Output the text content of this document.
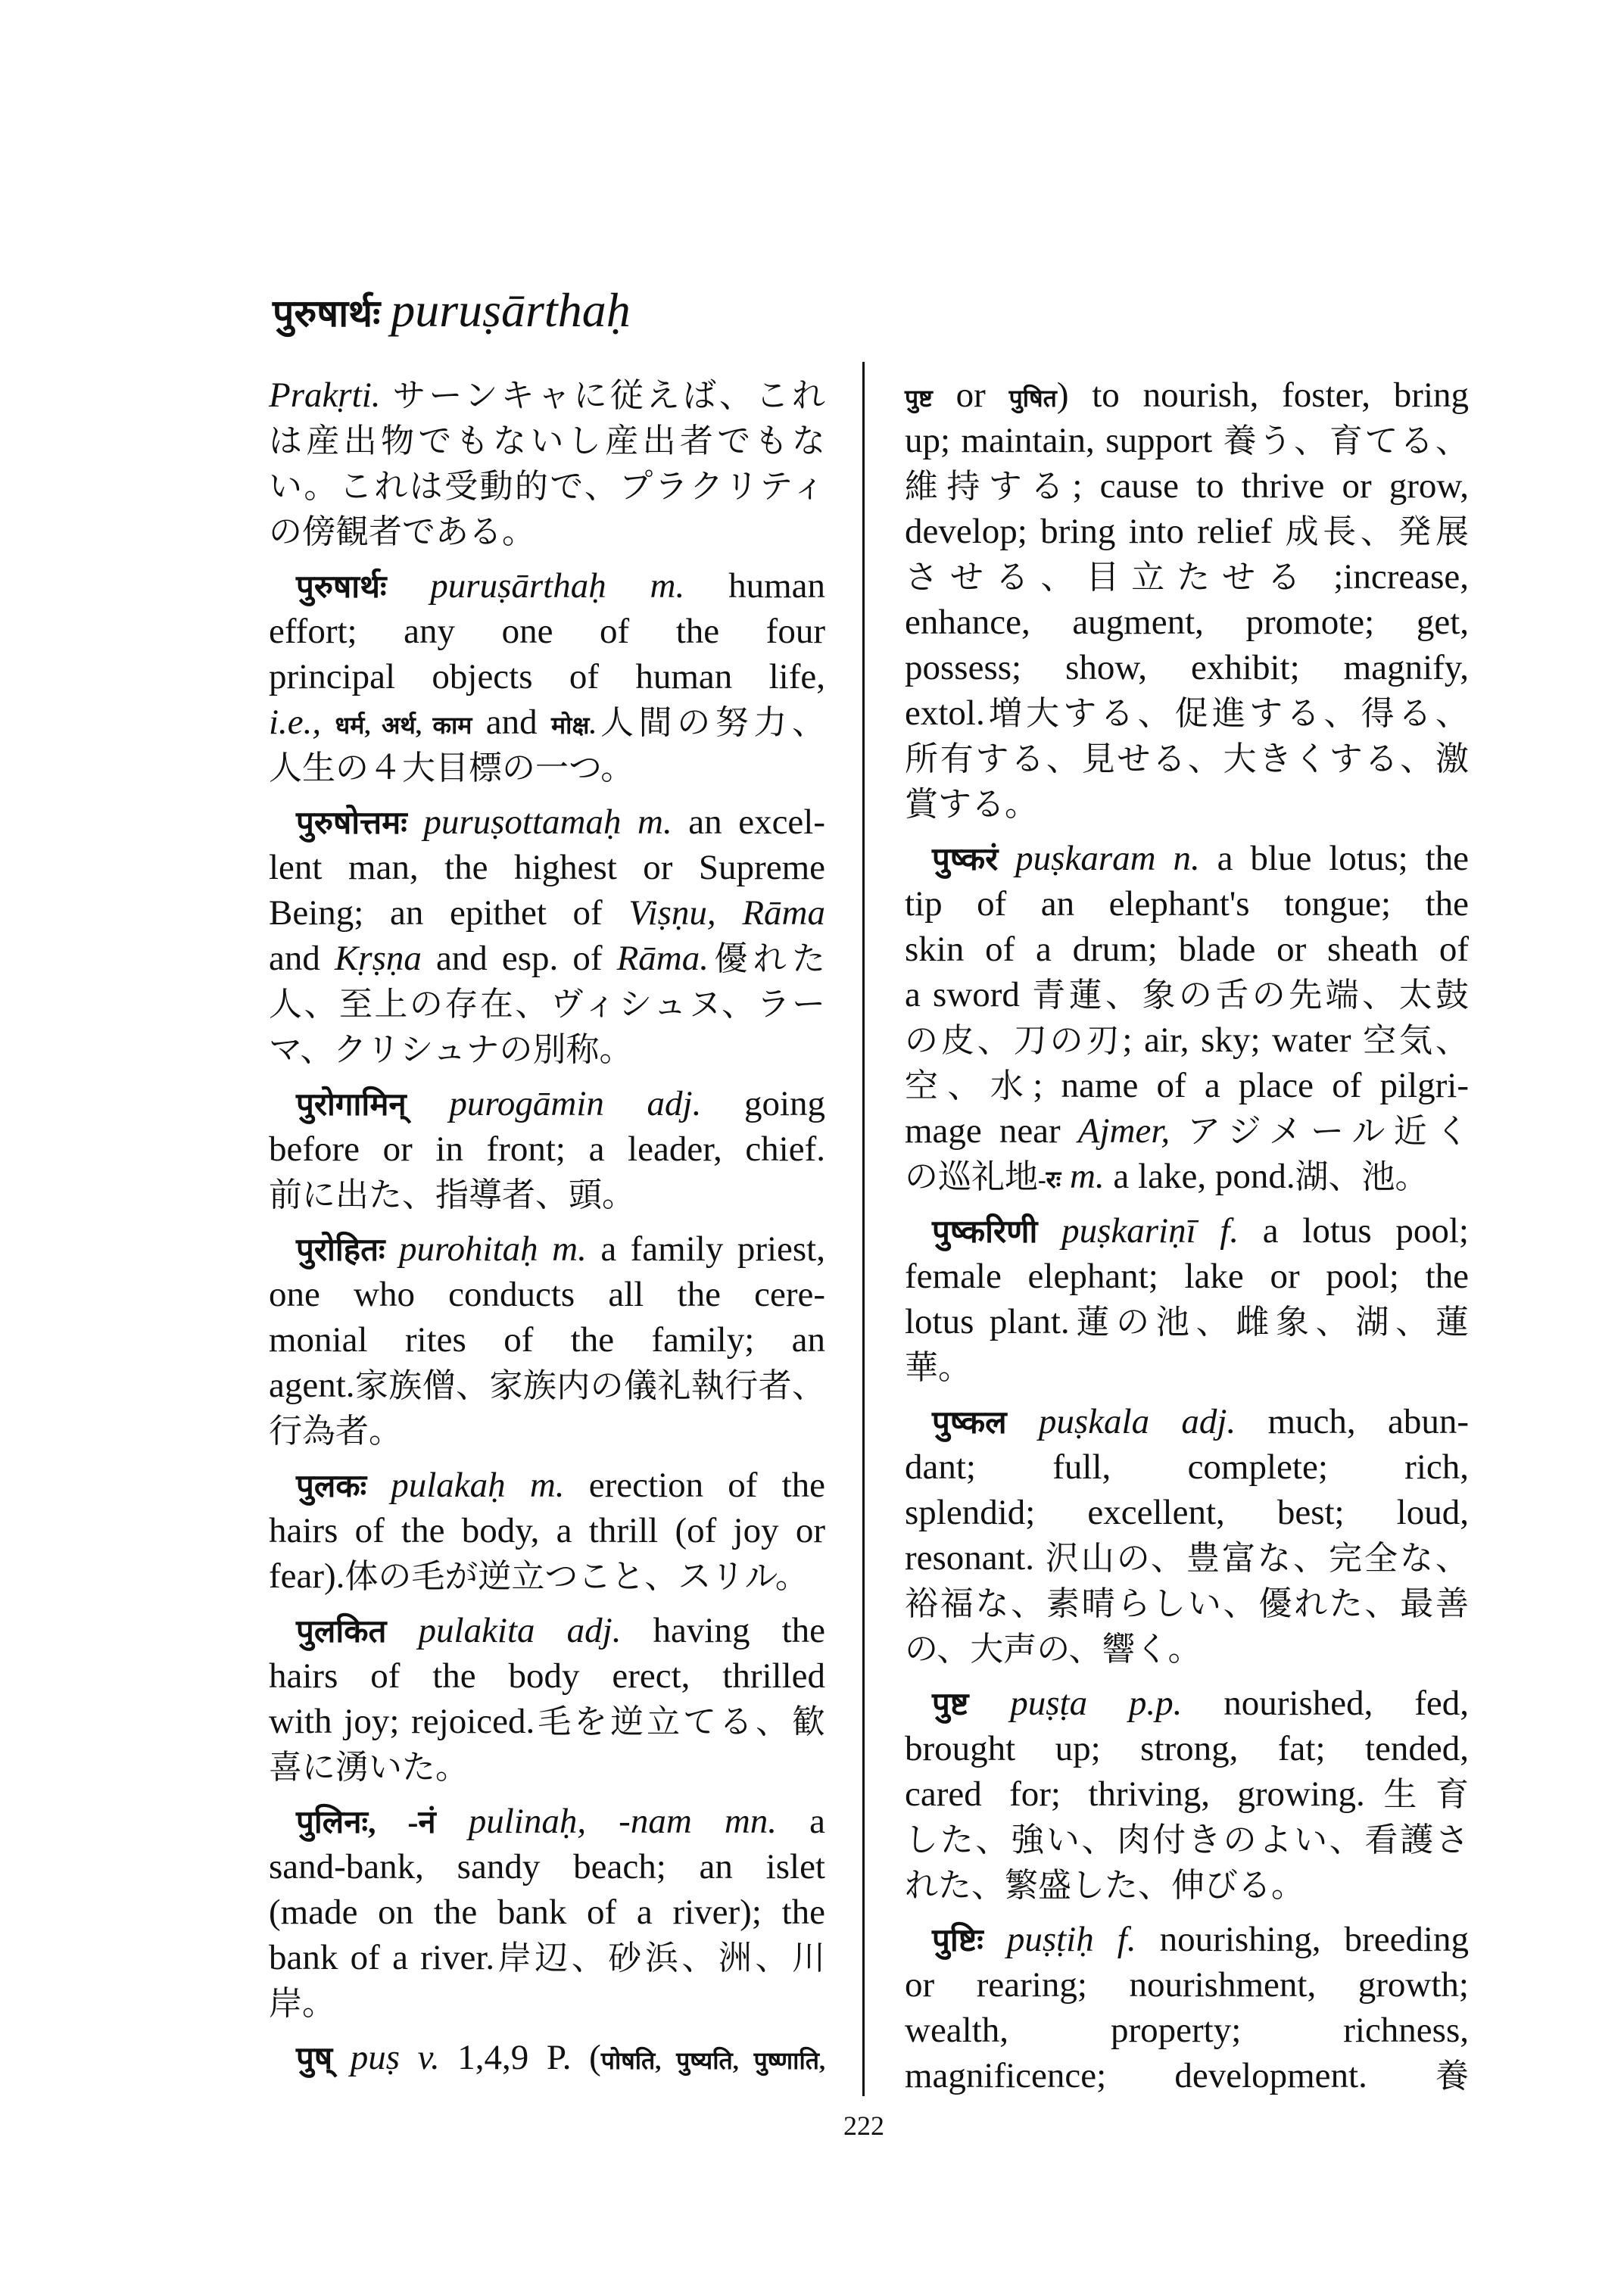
पुरुषार्थः puruṣārthaḥ
Prakṛti. サーンキャに従えば、これ
は産出物でもないし産出者でもな
い。これは受動的で、プラクリティ
の傍観者である。
पुरुषार्थः puruṣārthaḥ m. human
effort; any one of the four
principal objects of human life,
i.e., धर्म, अर्थ, काम and मोक्ष.人間の努力、
人生の４大目標の一つ。
पुरुषोत्तमः puruṣottamaḥ m. an excel-
lent man, the highest or Supreme
Being; an epithet of Viṣṇu, Rāma
and Kṛṣṇa and esp. of Rāma.優れた
人、至上の存在、ヴィシュヌ、ラー
マ、クリシュナの別称。
पुरोगामिन् purogāmin adj. going
before or in front; a leader, chief.
前に出た、指導者、頭。
पुरोहितः purohitaḥ m. a family priest,
one who conducts all the cere-
monial rites of the family; an
agent.家族僧、家族内の儀礼執行者、
行為者。
पुलकः pulakaḥ m. erection of the
hairs of the body, a thrill (of joy or
fear).体の毛が逆立つこと、スリル。
पुलकित pulakita adj. having the
hairs of the body erect, thrilled
with joy; rejoiced.毛を逆立てる、歓
喜に湧いた。
पुलिनः, -नं pulinaḥ, -nam mn. a
sand-bank, sandy beach; an islet
(made on the bank of a river); the
bank of a river.岸辺、砂浜、洲、川
岸。
पुष् puṣ v. 1,4,9 P. (पोषति, पुष्यति, पुष्णाति,
पुष्ट or पुषित) to nourish, foster, bring
up; maintain, support 養う、育てる、
維持する; cause to thrive or grow,
develop; bring into relief 成長、発展
させる、目立たせる ;increase,
enhance, augment, promote; get,
possess; show, exhibit; magnify,
extol.増大する、促進する、得る、
所有する、見せる、大きくする、激
賞する。
पुष्करं puṣkaram n. a blue lotus; the
tip of an elephant's tongue; the
skin of a drum; blade or sheath of
a sword 青蓮、象の舌の先端、太鼓
の皮、刀の刃; air, sky; water 空気、
空、水; name of a place of pilgri-
mage near Ajmer, アジメール近く
の巡礼地-रः m. a lake, pond.湖、池。
पुष्करिणी puṣkariṇī f. a lotus pool;
female elephant; lake or pool; the
lotus plant.蓮の池、雌象、湖、蓮
華。
पुष्कल puṣkala adj. much, abun-
dant; full, complete; rich,
splendid; excellent, best; loud,
resonant. 沢山の、豊富な、完全な、
裕福な、素晴らしい、優れた、最善
の、大声の、響く。
पुष्ट puṣṭa p.p. nourished, fed,
brought up; strong, fat; tended,
cared for; thriving, growing.生育
した、強い、肉付きのよい、看護さ
れた、繁盛した、伸びる。
पुष्टिः puṣṭiḥ f. nourishing, breeding
or rearing; nourishment, growth;
wealth, property; richness,
magnificence; development. 養
222
